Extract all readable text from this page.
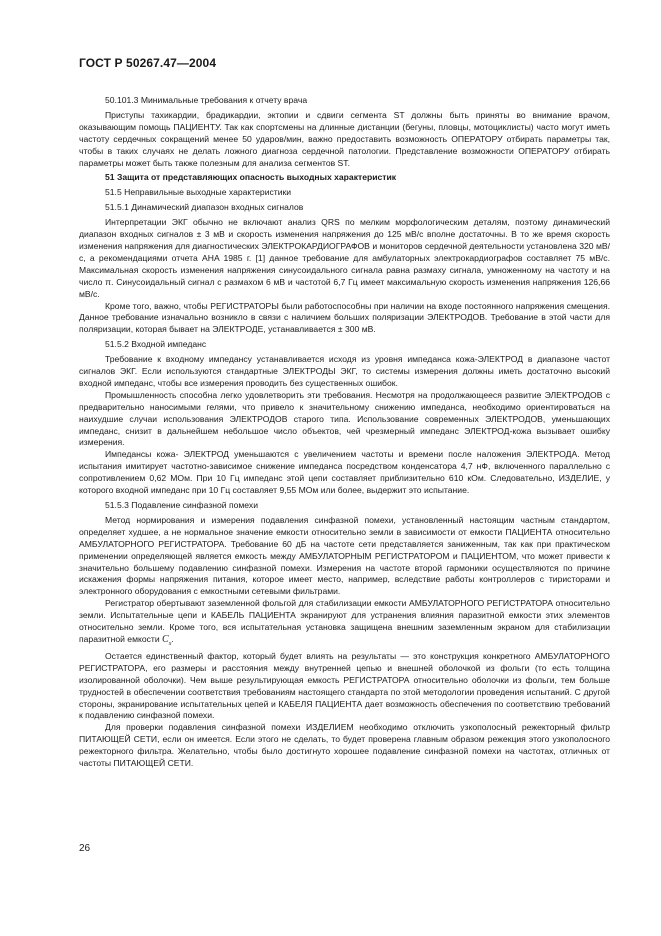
ГОСТ Р 50267.47—2004

50.101.3 Минимальные требования к отчету врача

Приступы тахикардии, брадикардии, эктопии и сдвиги сегмента ST должны быть приняты во внимание врачом, оказывающим помощь ПАЦИЕНТУ. Так как спортсмены на длинные дистанции (бегуны, пловцы, мотоциклисты) часто могут иметь частоту сердечных сокращений менее 50 ударов/мин, важно предоставить возможность ОПЕРАТОРУ отбирать параметры так, чтобы в таких случаях не делать ложного диагноза сердечной патологии. Представление возможности ОПЕРАТОРУ отбирать параметры может быть также полезным для анализа сегментов ST.

51 Защита от представляющих опасность выходных характеристик

51.5 Неправильные выходные характеристики

51.5.1 Динамический диапазон входных сигналов

Интерпретации ЭКГ обычно не включают анализ QRS по мелким морфологическим деталям, поэтому динамический диапазон входных сигналов ± 3 мВ и скорость изменения напряжения до 125 мВ/с вполне достаточны. В то же время скорость изменения напряжения для диагностических ЭЛЕКТРОКАРДИОГРАФОВ и мониторов сердечной деятельности установлена 320 мВ/с, а рекомендациями отчета AHA 1985 г. [1] данное требование для амбулаторных электрокардиографов составляет 75 мВ/с. Максимальная скорость изменения напряжения синусоидального сигнала равна размаху сигнала, умноженному на частоту и на число π. Синусоидальный сигнал с размахом 6 мВ и частотой 6,7 Гц имеет максимальную скорость изменения напряжения 126,66 мВ/с.

Кроме того, важно, чтобы РЕГИСТРАТОРЫ были работоспособны при наличии на входе постоянного напряжения смещения. Данное требование изначально возникло в связи с наличием больших поляризации ЭЛЕКТРОДОВ. Требование в этой части для поляризации, которая бывает на ЭЛЕКТРОДЕ, устанавливается ± 300 мВ.

51.5.2 Входной импеданс

Требование к входному импедансу устанавливается исходя из уровня импеданса кожа-ЭЛЕКТРОД в диапазоне частот сигналов ЭКГ. Если используются стандартные ЭЛЕКТРОДЫ ЭКГ, то системы измерения должны иметь достаточно высокий входной импеданс, чтобы все измерения проводить без существенных ошибок.

Промышленность способна легко удовлетворить эти требования. Несмотря на продолжающееся развитие ЭЛЕКТРОДОВ с предварительно наносимыми гелями, что привело к значительному снижению импеданса, необходимо ориентироваться на наихудшие случаи использования ЭЛЕКТРОДОВ старого типа. Использование современных ЭЛЕКТРОДОВ, уменьшающих импеданс, снизит в дальнейшем небольшое число объектов, чей чрезмерный импеданс ЭЛЕКТРОД-кожа вызывает ошибку измерения.

Импедансы кожа- ЭЛЕКТРОД уменьшаются с увеличением частоты и времени после наложения ЭЛЕКТРОДА. Метод испытания имитирует частотно-зависимое снижение импеданса посредством конденсатора 4,7 нФ, включенного параллельно с сопротивлением 0,62 МОм. При 10 Гц импеданс этой цепи составляет приблизительно 610 кОм. Следовательно, ИЗДЕЛИЕ, у которого входной импеданс при 10 Гц составляет 9,55 МОм или более, выдержит это испытание.

51.5.3 Подавление синфазной помехи

Метод нормирования и измерения подавления синфазной помехи, установленный настоящим частным стандартом, определяет худшее, а не нормальное значение емкости относительно земли в зависимости от емкости ПАЦИЕНТА относительно АМБУЛАТОРНОГО РЕГИСТРАТОРА. Требование 60 дБ на частоте сети представляется заниженным, так как при практическом применении определяющей является емкость между АМБУЛАТОРНЫМ РЕГИСТРАТОРОМ и ПАЦИЕНТОМ, что может привести к значительно большему подавлению синфазной помехи. Измерения на частоте второй гармоники осуществляются по причине искажения формы напряжения питания, которое имеет место, например, вследствие работы контроллеров с тиристорами и электронного оборудования с емкостными сетевыми фильтрами.

Регистратор обертывают заземленной фольгой для стабилизации емкости АМБУЛАТОРНОГО РЕГИСТРАТОРА относительно земли. Испытательные цепи и КАБЕЛЬ ПАЦИЕНТА экранируют для устранения влияния паразитной емкости этих элементов относительно земли. Кроме того, вся испытательная установка защищена внешним заземленным экраном для стабилизации паразитной емкости $C_x$.

Остается единственный фактор, который будет влиять на результаты — это конструкция конкретного АМБУЛАТОРНОГО РЕГИСТРАТОРА, его размеры и расстояния между внутренней цепью и внешней оболочкой из фольги (то есть толщина изолированной оболочки). Чем выше результирующая емкость РЕГИСТРАТОРА относительно оболочки из фольги, тем больше трудностей в обеспечении соответствия требованиям настоящего стандарта по этой методологии проведения испытаний. С другой стороны, экранирование испытательных цепей и КАБЕЛЯ ПАЦИЕНТА дает возможность обеспечения по соответствию требований к подавлению синфазной помехи.

Для проверки подавления синфазной помехи ИЗДЕЛИЕМ необходимо отключить узкополосный режекторный фильтр ПИТАЮЩЕЙ СЕТИ, если он имеется. Если этого не сделать, то будет проверена главным образом режекция этого узкополосного режекторного фильтра. Желательно, чтобы было достигнуто хорошее подавление синфазной помехи на частотах, отличных от частоты ПИТАЮЩЕЙ СЕТИ.

26
